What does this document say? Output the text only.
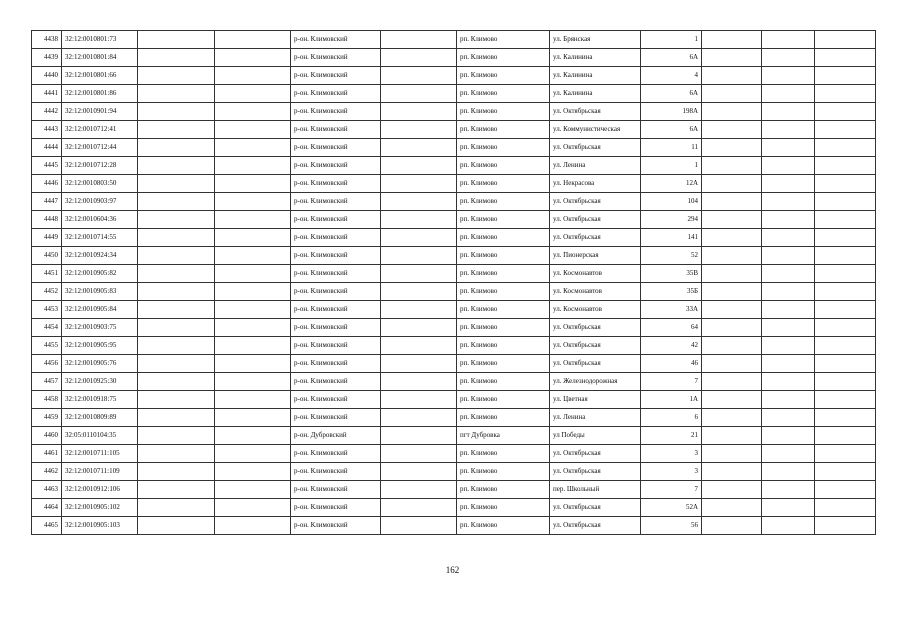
4438	32:12:0010801:73			р-он. Климовский		рп. Климово	ул. Брянская	1			
4439	32:12:0010801:84			р-он. Климовский		рп. Климово	ул. Калинина	6А			
4440	32:12:0010801:66			р-он. Климовский		рп. Климово	ул. Калинина	4			
4441	32:12:0010801:86			р-он. Климовский		рп. Климово	ул. Калинина	6А			
4442	32:12:0010901:94			р-он. Климовский		рп. Климово	ул. Октябрьская	198А			
4443	32:12:0010712:41			р-он. Климовский		рп. Климово	ул. Коммунистическая	6А			
4444	32:12:0010712:44			р-он. Климовский		рп. Климово	ул. Октябрьская	11			
4445	32:12:0010712:28			р-он. Климовский		рп. Климово	ул. Ленина	1			
4446	32:12:0010803:50			р-он. Климовский		рп. Климово	ул. Некрасова	12А			
4447	32:12:0010903:97			р-он. Климовский		рп. Климово	ул. Октябрьская	104			
4448	32:12:0010604:36			р-он. Климовский		рп. Климово	ул. Октябрьская	294			
4449	32:12:0010714:55			р-он. Климовский		рп. Климово	ул. Октябрьская	141			
4450	32:12:0010924:34			р-он. Климовский		рп. Климово	ул. Пионерская	52			
4451	32:12:0010905:82			р-он. Климовский		рп. Климово	ул. Космонавтов	35В			
4452	32:12:0010905:83			р-он. Климовский		рп. Климово	ул. Космонавтов	35Б			
4453	32:12:0010905:84			р-он. Климовский		рп. Климово	ул. Космонавтов	33А			
4454	32:12:0010903:75			р-он. Климовский		рп. Климово	ул. Октябрьская	64			
4455	32:12:0010905:95			р-он. Климовский		рп. Климово	ул. Октябрьская	42			
4456	32:12:0010905:76			р-он. Климовский		рп. Климово	ул. Октябрьская	46			
4457	32:12:0010925:30			р-он. Климовский		рп. Климово	ул. Железнодорожная	7			
4458	32:12:0010918:75			р-он. Климовский		рп. Климово	ул. Цветная	1А			
4459	32:12:0010809:89			р-он. Климовский		рп. Климово	ул. Ленина	6			
4460	32:05:0110104:35			р-он. Дубровский		пгт Дубровка	ул Победы	21			
4461	32:12:0010711:105			р-он. Климовский		рп. Климово	ул. Октябрьская	3			
4462	32:12:0010711:109			р-он. Климовский		рп. Климово	ул. Октябрьская	3			
4463	32:12:0010912:106			р-он. Климовский		рп. Климово	пер. Школьный	7			
4464	32:12:0010905:102			р-он. Климовский		рп. Климово	ул. Октябрьская	52А			
4465	32:12:0010905:103			р-он. Климовский		рп. Климово	ул. Октябрьская	56			
162
